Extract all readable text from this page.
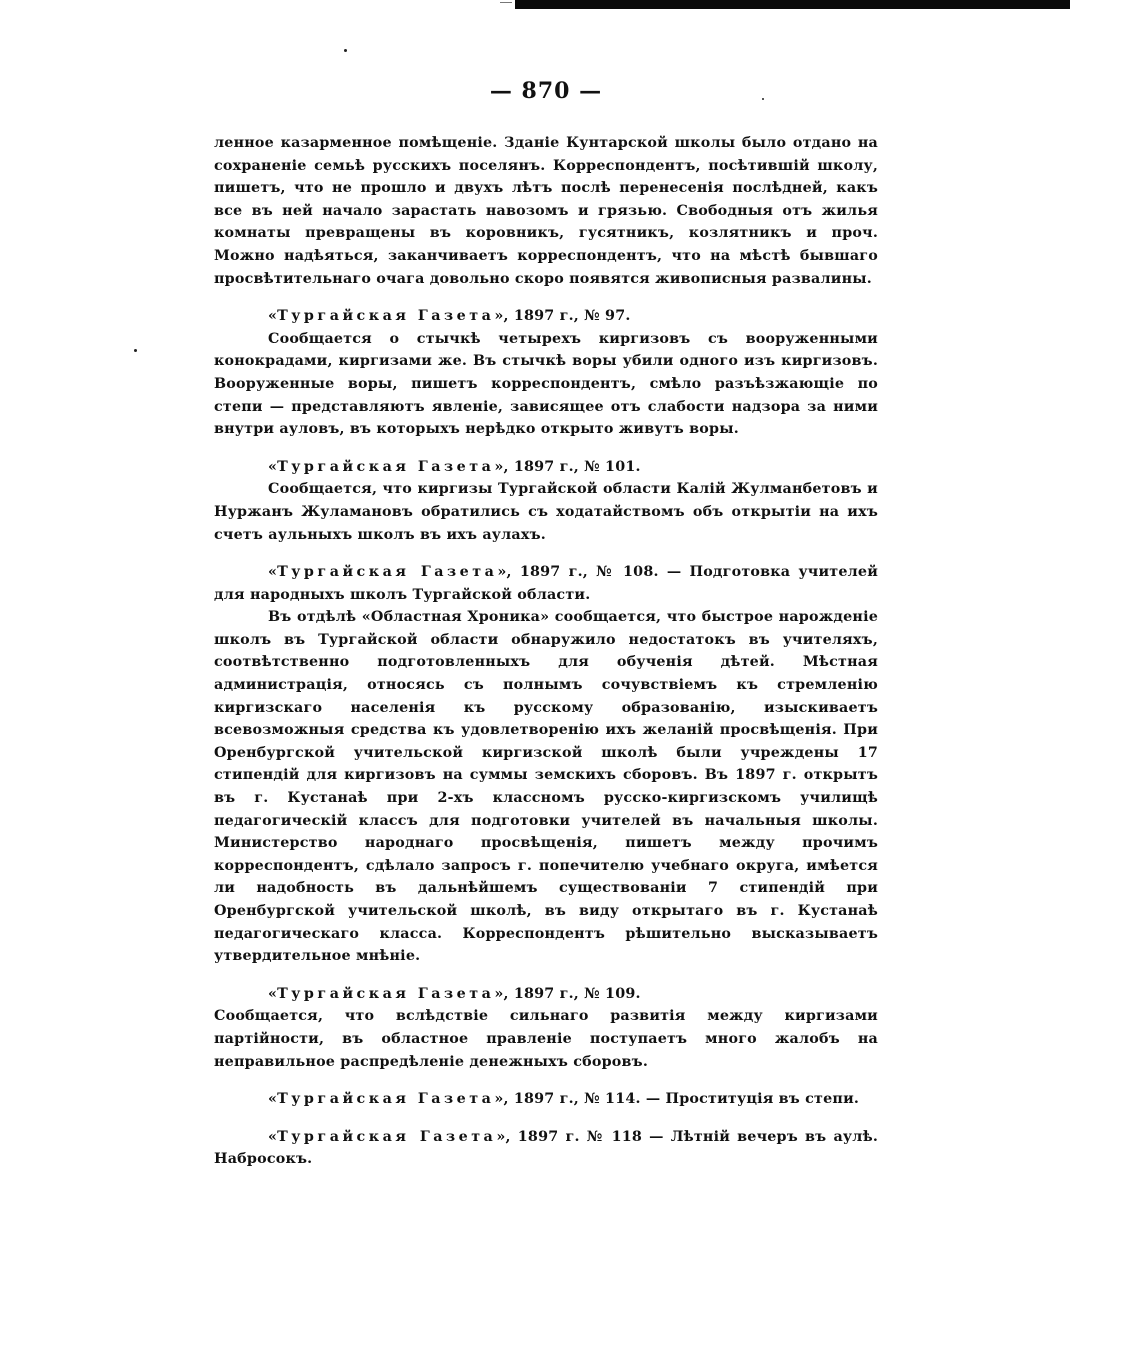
— 870 —

ленное казарменное помѣщеніе. Зданіе Кунтарской школы было отдано на сохраненіе семьѣ русскихъ поселянъ. Корреспондентъ, посѣтившій школу, пишетъ, что не прошло и двухъ лѣтъ послѣ перенесенія послѣдней, какъ все въ ней начало зарастать навозомъ и грязью. Свободныя отъ жилья комнаты превращены въ коровникъ, гусятникъ, козлятникъ и проч. Можно надѣяться, заканчиваетъ корреспондентъ, что на мѣстѣ бывшаго просвѣтительнаго очага довольно скоро появятся живописныя развалины.

«Тургайская Газета», 1897 г., № 97.

Сообщается о стычкѣ четырехъ киргизовъ съ вооруженными конокрадами, киргизами же. Въ стычкѣ воры убили одного изъ киргизовъ. Вооруженные воры, пишетъ корреспондентъ, смѣло разъѣзжающіе по степи — представляютъ явленіе, зависящее отъ слабости надзора за ними внутри ауловъ, въ которыхъ нерѣдко открыто живутъ воры.

«Тургайская Газета», 1897 г., № 101.

Сообщается, что киргизы Тургайской области Калій Жулманбетовъ и Нуржанъ Жуламановъ обратились съ ходатайствомъ объ открытіи на ихъ счетъ аульныхъ школъ въ ихъ аулахъ.

«Тургайская Газета», 1897 г., № 108. — Подготовка учителей для народныхъ школъ Тургайской области.

Въ отдѣлѣ «Областная Хроника» сообщается, что быстрое нарожденіе школъ въ Тургайской области обнаружило недостатокъ въ учителяхъ, соотвѣтственно подготовленныхъ для обученія дѣтей. Мѣстная администрація, относясь съ полнымъ сочувствіемъ къ стремленію киргизскаго населенія къ русскому образованію, изыскиваетъ всевозможныя средства къ удовлетворенію ихъ желаній просвѣщенія. При Оренбургской учительской киргизской школѣ были учреждены 17 стипендій для киргизовъ на суммы земскихъ сборовъ. Въ 1897 г. открытъ въ г. Кустанаѣ при 2-хъ классномъ русско-киргизскомъ училищѣ педагогическій классъ для подготовки учителей въ начальныя школы. Министерство народнаго просвѣщенія, пишетъ между прочимъ корреспондентъ, сдѣлало запросъ г. попечителю учебнаго округа, имѣется ли надобность въ дальнѣйшемъ существованіи 7 стипендій при Оренбургской учительской школѣ, въ виду открытаго въ г. Кустанаѣ педагогическаго класса. Корреспондентъ рѣшительно высказываетъ утвердительное мнѣніе.

«Тургайская Газета», 1897 г., № 109.

Сообщается, что вслѣдствіе сильнаго развитія между киргизами партійности, въ областное правленіе поступаетъ много жалобъ на неправильное распредѣленіе денежныхъ сборовъ.

«Тургайская Газета», 1897 г., № 114. — Проституція въ степи.

«Тургайская Газета», 1897 г. № 118 — Лѣтній вечеръ въ аулѣ. Набросокъ.
